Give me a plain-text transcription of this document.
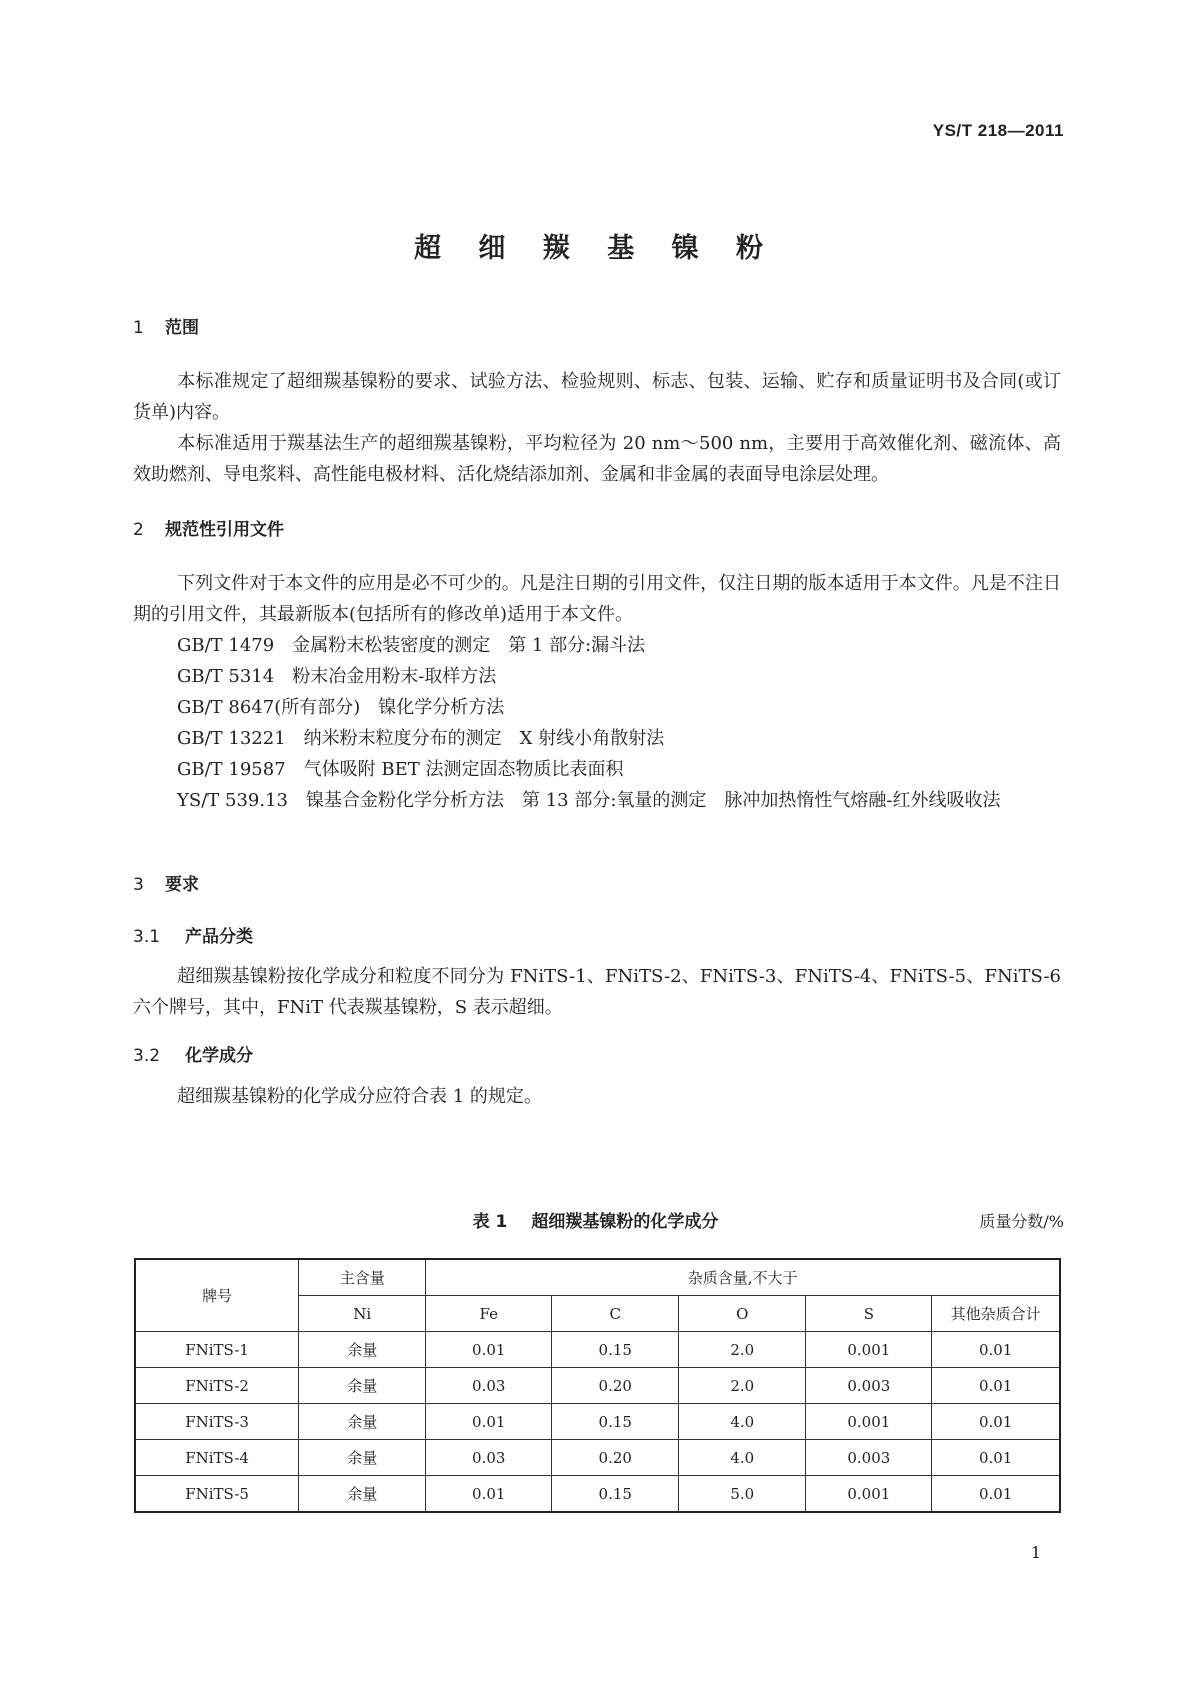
YS/T 218—2011
超 细 羰 基 镍 粉
1 范围
本标准规定了超细羰基镍粉的要求、试验方法、检验规则、标志、包装、运输、贮存和质量证明书及合同(或订货单)内容。
本标准适用于羰基法生产的超细羰基镍粉，平均粒径为 20 nm～500 nm，主要用于高效催化剂、磁流体、高效助燃剂、导电浆料、高性能电极材料、活化烧结添加剂、金属和非金属的表面导电涂层处理。
2 规范性引用文件
下列文件对于本文件的应用是必不可少的。凡是注日期的引用文件，仅注日期的版本适用于本文件。凡是不注日期的引用文件，其最新版本(包括所有的修改单)适用于本文件。
GB/T 1479　金属粉末松装密度的测定　第 1 部分:漏斗法
GB/T 5314　粉末冶金用粉末-取样方法
GB/T 8647(所有部分)　镍化学分析方法
GB/T 13221　纳米粉末粒度分布的测定　X 射线小角散射法
GB/T 19587　气体吸附 BET 法测定固态物质比表面积
YS/T 539.13　镍基合金粉化学分析方法　第 13 部分:氧量的测定　脉冲加热惰性气熔融-红外线吸收法
3 要求
3.1 产品分类
超细羰基镍粉按化学成分和粒度不同分为 FNiTS-1、FNiTS-2、FNiTS-3、FNiTS-4、FNiTS-5、FNiTS-6 六个牌号，其中，FNiT 代表羰基镍粉，S 表示超细。
3.2 化学成分
超细羰基镍粉的化学成分应符合表 1 的规定。
表 1 超细羰基镍粉的化学成分	质量分数/%
牌号	主含量	杂质含量,不大于				
	Ni	Fe	C	O	S	其他杂质合计
FNiTS-1	余量	0.01	0.15	2.0	0.001	0.01
FNiTS-2	余量	0.03	0.20	2.0	0.003	0.01
FNiTS-3	余量	0.01	0.15	4.0	0.001	0.01
FNiTS-4	余量	0.03	0.20	4.0	0.003	0.01
FNiTS-5	余量	0.01	0.15	5.0	0.001	0.01
1
